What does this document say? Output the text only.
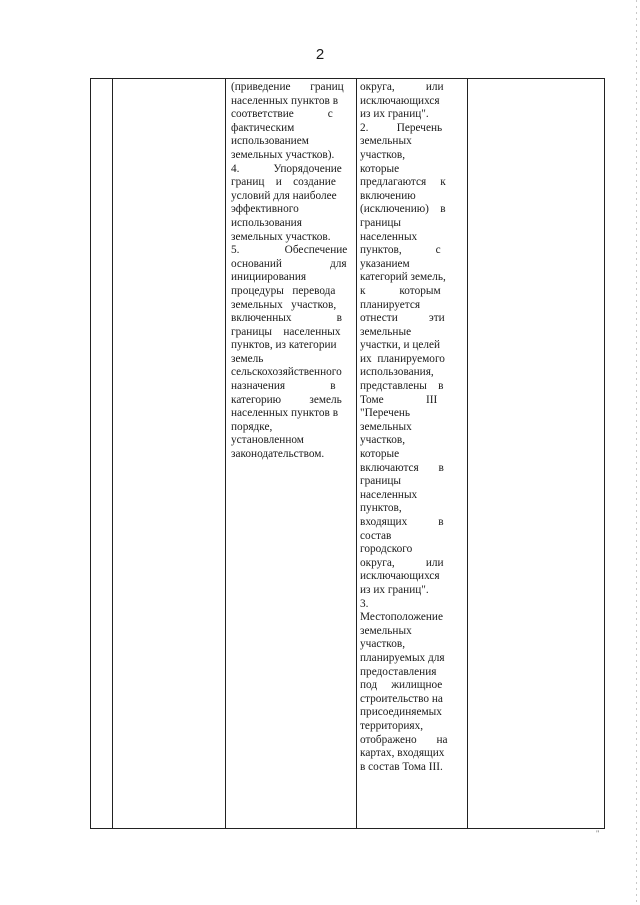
2
(приведение       границ
населенных пунктов в
соответствие            с
фактическим
использованием
земельных участков).
4.            Упорядочение
границ    и    создание
условий для наиболее
эффективного
использования
земельных участков.
5.                Обеспечение
оснований                 для
инициирования
процедуры   перевода
земельных   участков,
включенных                в
границы    населенных
пунктов, из категории
земель
сельскохозяйственного
назначения                в
категорию          земель
населенных пунктов в
порядке,
установленном
законодательством.
округа,           или
исключающихся
из их границ".
2.          Перечень
земельных
участков,
которые
предлагаются     к
включению
(исключению)    в
границы
населенных
пунктов,            с
указанием
категорий земель,
к            которым
планируется
отнести           эти
земельные
участки, и целей
их  планируемого
использования,
представлены    в
Томе               III
"Перечень
земельных
участков,
которые
включаются       в
границы
населенных
пунктов,
входящих           в
состав
городского
округа,           или
исключающихся
из их границ".
3.
Местоположение
земельных
участков,
планируемых для
предоставления
под     жилищное
строительство на
присоединяемых
территориях,
отображено       на
картах, входящих
в состав Тома III.
"
